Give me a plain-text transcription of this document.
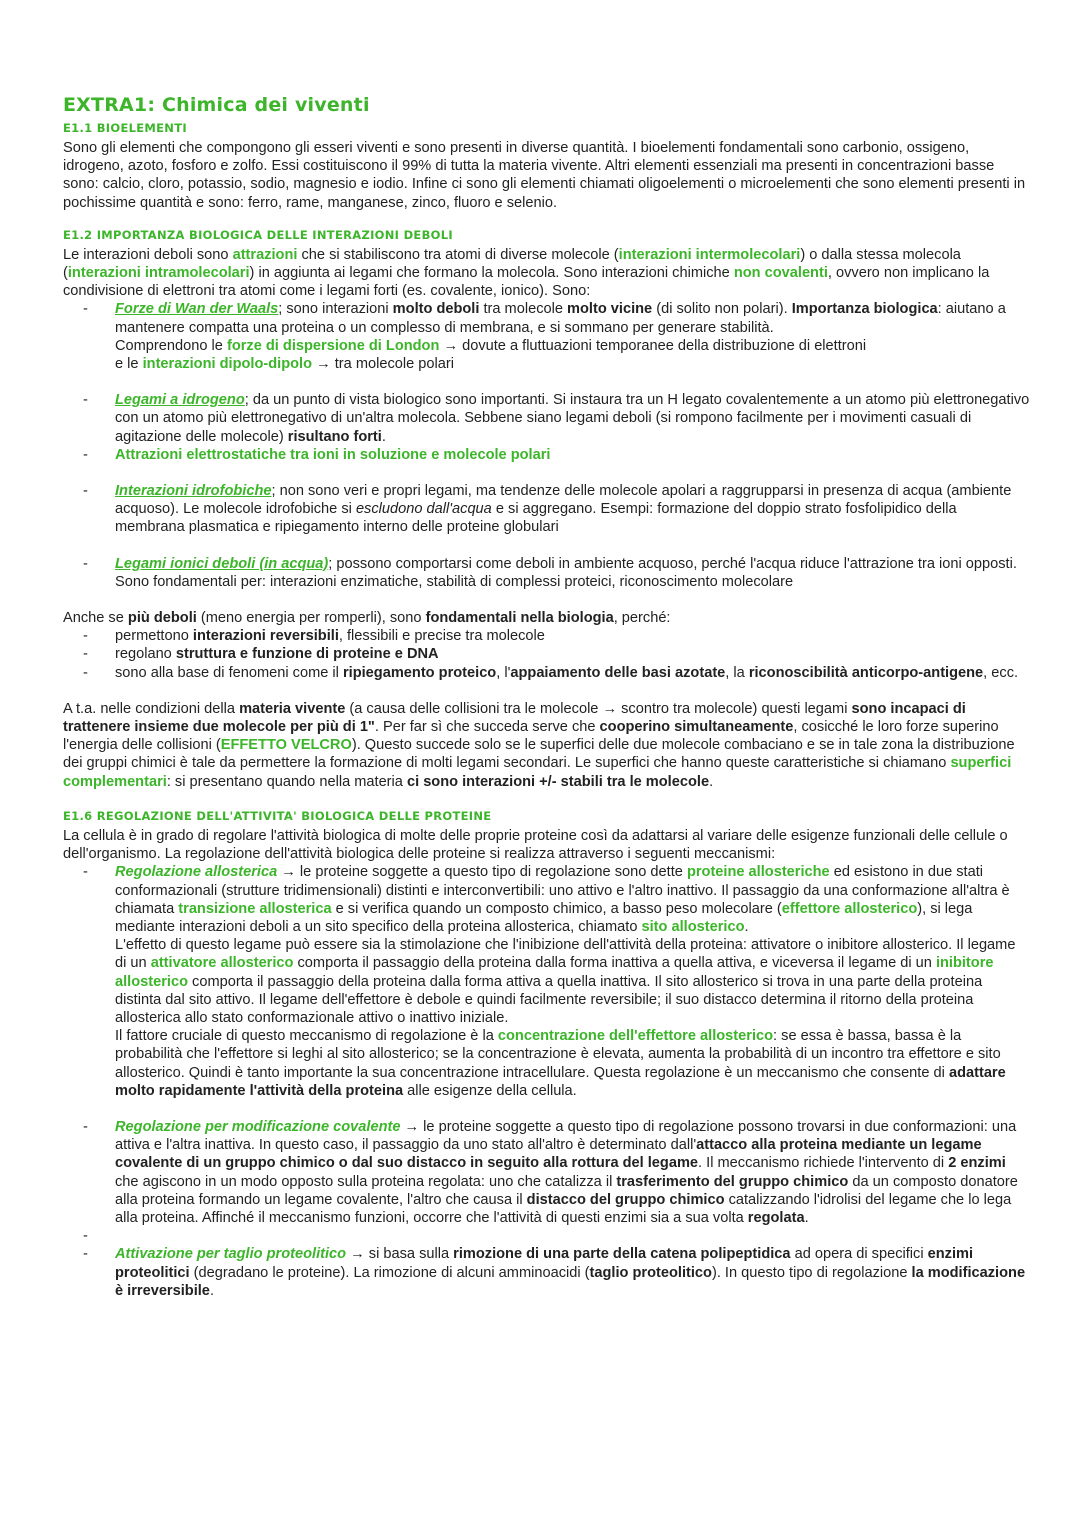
EXTRA1: Chimica dei viventi
E1.1 BIOELEMENTI

Sono gli elementi che compongono gli esseri viventi e sono presenti in diverse quantità. I bioelementi fondamentali sono carbonio, ossigeno, idrogeno, azoto, fosforo e zolfo. Essi costituiscono il 99% di tutta la materia vivente. Altri elementi essenziali ma presenti in concentrazioni basse sono: calcio, cloro, potassio, sodio, magnesio e iodio. Infine ci sono gli elementi chiamati oligoelementi o microelementi che sono elementi presenti in pochissime quantità e sono: ferro, rame, manganese, zinco, fluoro e selenio.

E1.2 IMPORTANZA BIOLOGICA DELLE INTERAZIONI DEBOLI

Le interazioni deboli sono attrazioni che si stabiliscono tra atomi di diverse molecole (interazioni intermolecolari) o dalla stessa molecola (interazioni intramolecolari) in aggiunta ai legami che formano la molecola. Sono interazioni chimiche non covalenti, ovvero non implicano la condivisione di elettroni tra atomi come i legami forti (es. covalente, ionico). Sono:

- Forze di Wan der Waals; sono interazioni molto deboli tra molecole molto vicine (di solito non polari). Importanza biologica: aiutano a mantenere compatta una proteina o un complesso di membrana, e si sommano per generare stabilità.
Comprendono le forze di dispersione di London → dovute a fluttuazioni temporanee della distribuzione di elettroni
e le interazioni dipolo-dipolo → tra molecole polari
- Legami a idrogeno; da un punto di vista biologico sono importanti. Si instaura tra un H legato covalentemente a un atomo più elettronegativo con un atomo più elettronegativo di un'altra molecola. Sebbene siano legami deboli (si rompono facilmente per i movimenti casuali di agitazione delle molecole) risultano forti.
- Attrazioni elettrostatiche tra ioni in soluzione e molecole polari
- Interazioni idrofobiche; non sono veri e propri legami, ma tendenze delle molecole apolari a raggrupparsi in presenza di acqua (ambiente acquoso). Le molecole idrofobiche si escludono dall'acqua e si aggregano. Esempi: formazione del doppio strato fosfolipidico della membrana plasmatica e ripiegamento interno delle proteine globulari
- Legami ionici deboli (in acqua); possono comportarsi come deboli in ambiente acquoso, perché l'acqua riduce l'attrazione tra ioni opposti. Sono fondamentali per: interazioni enzimatiche, stabilità di complessi proteici, riconoscimento molecolare

Anche se più deboli (meno energia per romperli), sono fondamentali nella biologia, perché:

- permettono interazioni reversibili, flessibili e precise tra molecole
- regolano struttura e funzione di proteine e DNA
- sono alla base di fenomeni come il ripiegamento proteico, l'appaiamento delle basi azotate, la riconoscibilità anticorpo-antigene, ecc.

A t.a. nelle condizioni della materia vivente (a causa delle collisioni tra le molecole → scontro tra molecole) questi legami sono incapaci di trattenere insieme due molecole per più di 1". Per far sì che succeda serve che cooperino simultaneamente, cosicché le loro forze superino l'energia delle collisioni (EFFETTO VELCRO). Questo succede solo se le superfici delle due molecole combaciano e se in tale zona la distribuzione dei gruppi chimici è tale da permettere la formazione di molti legami secondari. Le superfici che hanno queste caratteristiche si chiamano superfici complementari: si presentano quando nella materia ci sono interazioni +/- stabili tra le molecole.

E1.6 REGOLAZIONE DELL'ATTIVITA' BIOLOGICA DELLE PROTEINE

La cellula è in grado di regolare l'attività biologica di molte delle proprie proteine così da adattarsi al variare delle esigenze funzionali delle cellule o dell'organismo. La regolazione dell'attività biologica delle proteine si realizza attraverso i seguenti meccanismi:

- Regolazione allosterica → le proteine soggette a questo tipo di regolazione sono dette proteine allosteriche ed esistono in due stati conformazionali (strutture tridimensionali) distinti e interconvertibili: uno attivo e l'altro inattivo. Il passaggio da una conformazione all'altra è chiamata transizione allosterica e si verifica quando un composto chimico, a basso peso molecolare (effettore allosterico), si lega mediante interazioni deboli a un sito specifico della proteina allosterica, chiamato sito allosterico.
L'effetto di questo legame può essere sia la stimolazione che l'inibizione dell'attività della proteina: attivatore o inibitore allosterico. Il legame di un attivatore allosterico comporta il passaggio della proteina dalla forma inattiva a quella attiva, e viceversa il legame di un inibitore allosterico comporta il passaggio della proteina dalla forma attiva a quella inattiva. Il sito allosterico si trova in una parte della proteina distinta dal sito attivo. Il legame dell'effettore è debole e quindi facilmente reversibile; il suo distacco determina il ritorno della proteina allosterica allo stato conformazionale attivo o inattivo iniziale.
Il fattore cruciale di questo meccanismo di regolazione è la concentrazione dell'effettore allosterico: se essa è bassa, bassa è la probabilità che l'effettore si leghi al sito allosterico; se la concentrazione è elevata, aumenta la probabilità di un incontro tra effettore e sito allosterico. Quindi è tanto importante la sua concentrazione intracellulare. Questa regolazione è un meccanismo che consente di adattare molto rapidamente l'attività della proteina alle esigenze della cellula.
- Regolazione per modificazione covalente → le proteine soggette a questo tipo di regolazione possono trovarsi in due conformazioni: una attiva e l'altra inattiva. In questo caso, il passaggio da uno stato all'altro è determinato dall'attacco alla proteina mediante un legame covalente di un gruppo chimico o dal suo distacco in seguito alla rottura del legame. Il meccanismo richiede l'intervento di 2 enzimi che agiscono in un modo opposto sulla proteina regolata: uno che catalizza il trasferimento del gruppo chimico da un composto donatore alla proteina formando un legame covalente, l'altro che causa il distacco del gruppo chimico catalizzando l'idrolisi del legame che lo lega alla proteina. Affinché il meccanismo funzioni, occorre che l'attività di questi enzimi sia a sua volta regolata.
-

- Attivazione per taglio proteolitico → si basa sulla rimozione di una parte della catena polipeptidica ad opera di specifici enzimi proteolitici (degradano le proteine). La rimozione di alcuni amminoacidi (taglio proteolitico). In questo tipo di regolazione la modificazione è irreversibile.
